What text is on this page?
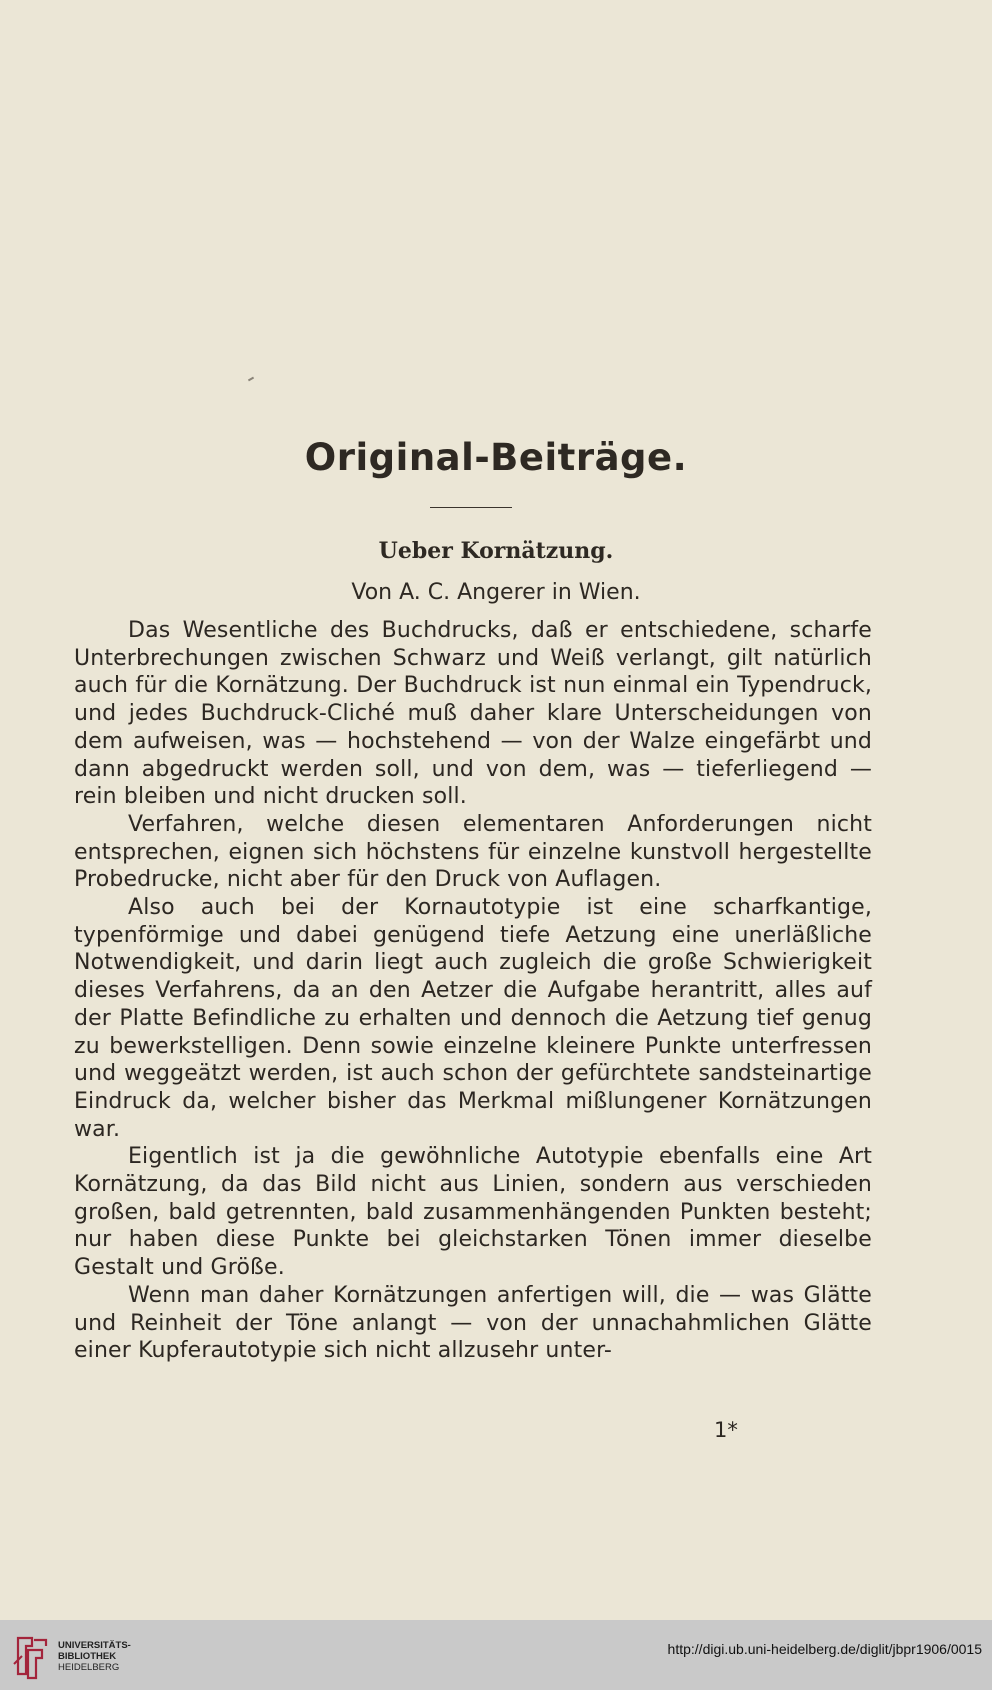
Original-Beiträge.
Ueber Kornätzung.
Von A. C. Angerer in Wien.

Das Wesentliche des Buchdrucks, daß er entschiedene, scharfe Unterbrechungen zwischen Schwarz und Weiß verlangt, gilt natürlich auch für die Kornätzung. Der Buchdruck ist nun einmal ein Typendruck, und jedes Buchdruck-Cliché muß daher klare Unterscheidungen von dem aufweisen, was — hochstehend — von der Walze eingefärbt und dann abgedruckt werden soll, und von dem, was — tieferliegend — rein bleiben und nicht drucken soll.

Verfahren, welche diesen elementaren Anforderungen nicht entsprechen, eignen sich höchstens für einzelne kunstvoll hergestellte Probedrucke, nicht aber für den Druck von Auflagen.

Also auch bei der Kornautotypie ist eine scharfkantige, typenförmige und dabei genügend tiefe Aetzung eine unerläßliche Notwendigkeit, und darin liegt auch zugleich die große Schwierigkeit dieses Verfahrens, da an den Aetzer die Aufgabe herantritt, alles auf der Platte Befindliche zu erhalten und dennoch die Aetzung tief genug zu bewerkstelligen. Denn sowie einzelne kleinere Punkte unterfressen und weggeätzt werden, ist auch schon der gefürchtete sandsteinartige Eindruck da, welcher bisher das Merkmal mißlungener Kornätzungen war.

Eigentlich ist ja die gewöhnliche Autotypie ebenfalls eine Art Kornätzung, da das Bild nicht aus Linien, sondern aus verschieden großen, bald getrennten, bald zusammenhängenden Punkten besteht; nur haben diese Punkte bei gleichstarken Tönen immer dieselbe Gestalt und Größe.

Wenn man daher Kornätzungen anfertigen will, die — was Glätte und Reinheit der Töne anlangt — von der unnachahmlichen Glätte einer Kupferautotypie sich nicht allzusehr unter-

1*
UNIVERSITÄTS-
BIBLIOTHEK
HEIDELBERG
http://digi.ub.uni-heidelberg.de/diglit/jbpr1906/0015
